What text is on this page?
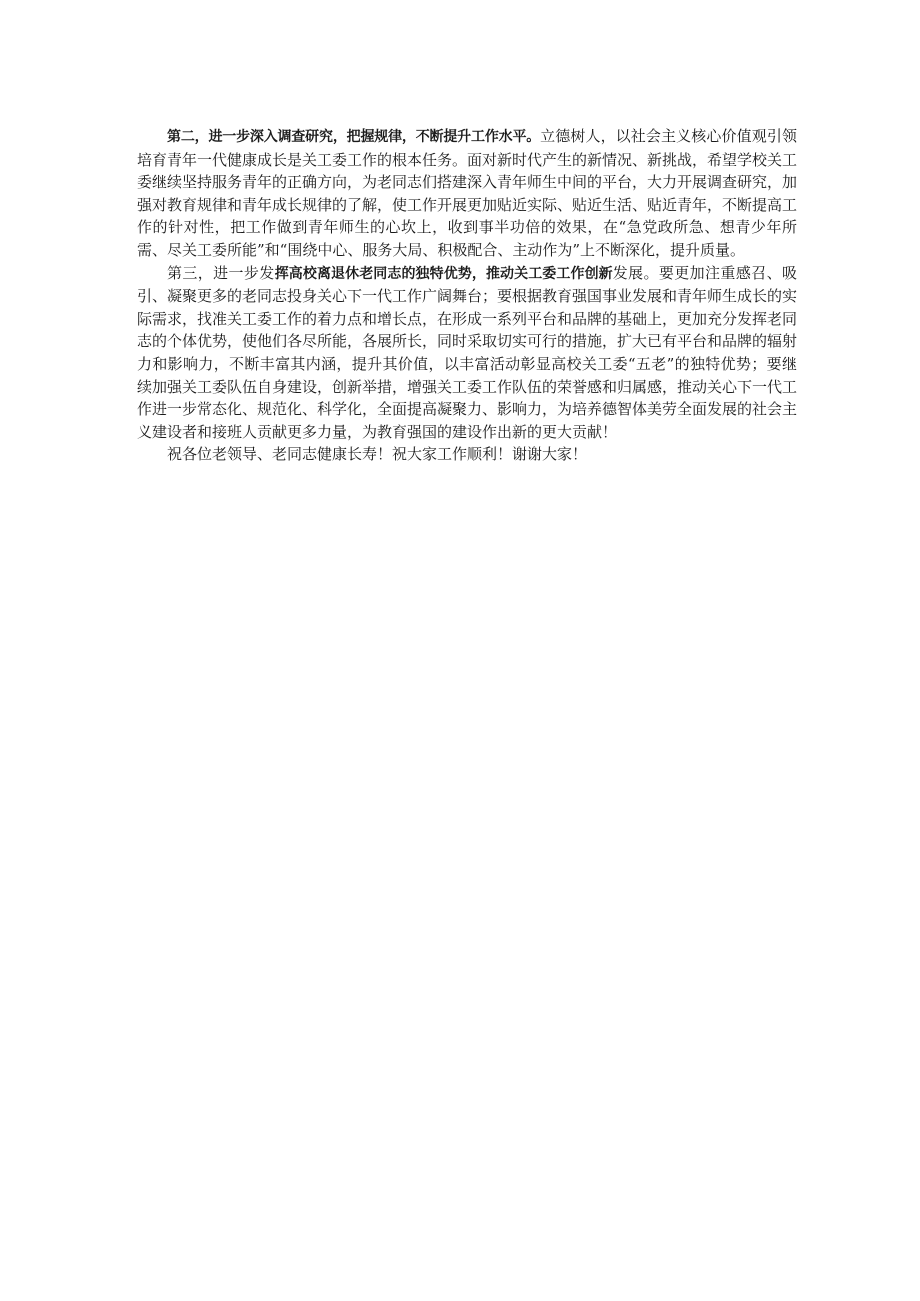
第二，进一步深入调查研究，把握规律，不断提升工作水平。立德树人，以社会主义核心价值观引领培育青年一代健康成长是关工委工作的根本任务。面对新时代产生的新情况、新挑战，希望学校关工委继续坚持服务青年的正确方向，为老同志们搭建深入青年师生中间的平台，大力开展调查研究，加强对教育规律和青年成长规律的了解，使工作开展更加贴近实际、贴近生活、贴近青年，不断提高工作的针对性，把工作做到青年师生的心坎上，收到事半功倍的效果，在“急党政所急、想青少年所需、尽关工委所能”和“围绕中心、服务大局、积极配合、主动作为”上不断深化，提升质量。

第三，进一步发挥高校离退休老同志的独特优势，推动关工委工作创新发展。要更加注重感召、吸引、凝聚更多的老同志投身关心下一代工作广阔舞台；要根据教育强国事业发展和青年师生成长的实际需求，找准关工委工作的着力点和增长点，在形成一系列平台和品牌的基础上，更加充分发挥老同志的个体优势，使他们各尽所能，各展所长，同时采取切实可行的措施，扩大已有平台和品牌的辐射力和影响力，不断丰富其内涵，提升其价值，以丰富活动彰显高校关工委“五老”的独特优势；要继续加强关工委队伍自身建设，创新举措，增强关工委工作队伍的荣誉感和归属感，推动关心下一代工作进一步常态化、规范化、科学化，全面提高凝聚力、影响力，为培养德智体美劳全面发展的社会主义建设者和接班人贡献更多力量，为教育强国的建设作出新的更大贡献！

祝各位老领导、老同志健康长寿！祝大家工作顺利！谢谢大家！
